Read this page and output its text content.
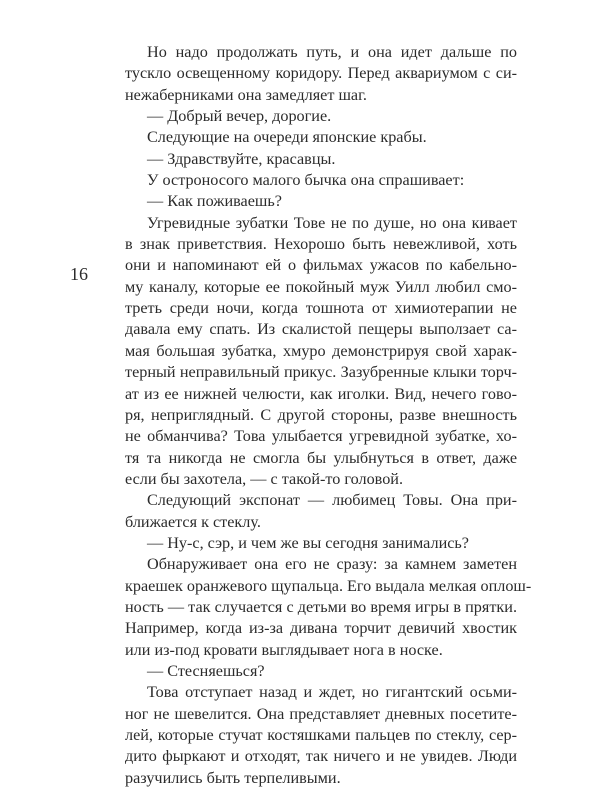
16
Но надо продолжать путь, и она идет дальше по
тускло освещенному коридору. Перед аквариумом с си-
нежаберниками она замедляет шаг.
— Добрый вечер, дорогие.
Следующие на очереди японские крабы.
— Здравствуйте, красавцы.
У остроносого малого бычка она спрашивает:
— Как поживаешь?
Угревидные зубатки Тове не по душе, но она кивает
в знак приветствия. Нехорошо быть невежливой, хоть
они и напоминают ей о фильмах ужасов по кабельно-
му каналу, которые ее покойный муж Уилл любил смо-
треть среди ночи, когда тошнота от химиотерапии не
давала ему спать. Из скалистой пещеры выползает са-
мая большая зубатка, хмуро демонстрируя свой харак-
терный неправильный прикус. Зазубренные клыки торч-
ат из ее нижней челюсти, как иголки. Вид, нечего гово-
ря, неприглядный. С другой стороны, разве внешность
не обманчива? Това улыбается угревидной зубатке, хо-
тя та никогда не смогла бы улыбнуться в ответ, даже
если бы захотела, — с такой-то головой.
Следующий экспонат — любимец Товы. Она при-
ближается к стеклу.
— Ну-с, сэр, и чем же вы сегодня занимались?
Обнаруживает она его не сразу: за камнем заметен
краешек оранжевого щупальца. Его выдала мелкая оплош-
ность — так случается с детьми во время игры в прятки.
Например, когда из-за дивана торчит девичий хвостик
или из-под кровати выглядывает нога в носке.
— Стесняешься?
Това отступает назад и ждет, но гигантский осьми-
ног не шевелится. Она представляет дневных посетите-
лей, которые стучат костяшками пальцев по стеклу, сер-
дито фыркают и отходят, так ничего и не увидев. Люди
разучились быть терпеливыми.
